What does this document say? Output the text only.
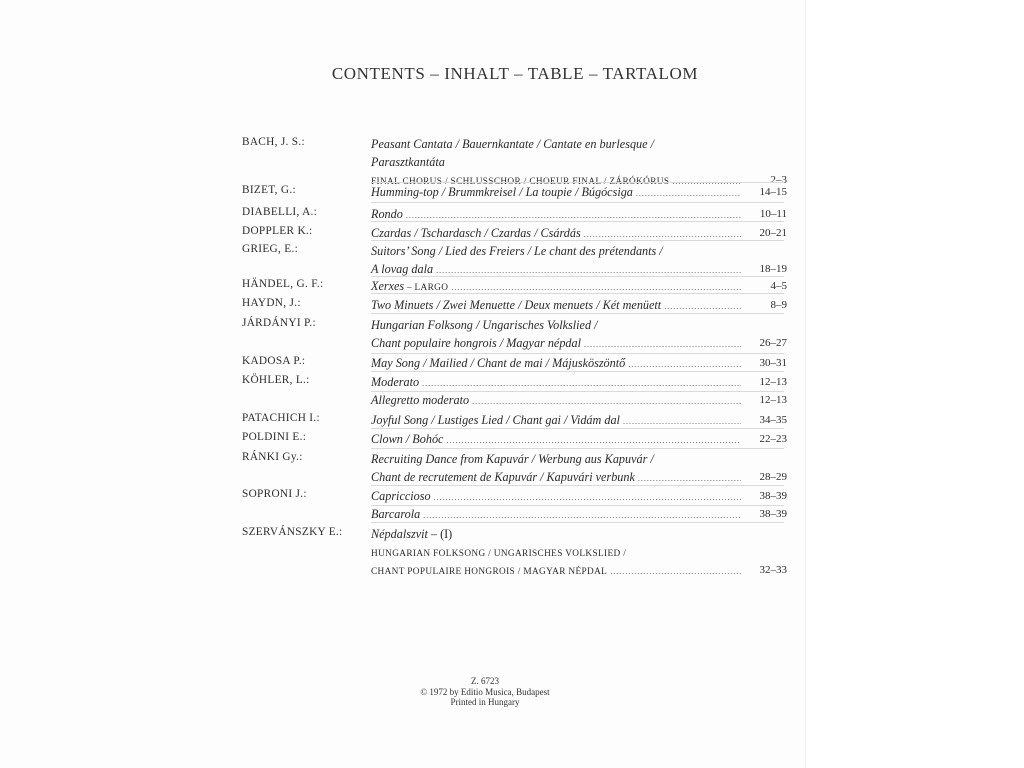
CONTENTS – INHALT – TABLE – TARTALOM
BACH, J. S.:	Peasant Cantata / Bauernkantate / Cantate en burlesque /
Parasztkantáta
FINAL CHORUS / SCHLUSSCHOR / CHOEUR FINAL / ZÁRÓKÓRUS .....	2–3
BIZET, G.:	Humming-top / Brummkreisel / La toupie / Búgócsiga .....	14–15
DIABELLI, A.:	Rondo .....	10–11
DOPPLER K.:	Czardas / Tschardasch / Czardas / Csárdás .....	20–21
GRIEG, E.:	Suitors’ Song / Lied des Freiers / Le chant des prétendants /
A lovag dala .....	18–19
HÄNDEL, G. F.:	Xerxes – LARGO .....	4–5
HAYDN, J.:	Two Minuets / Zwei Menuette / Deux menuets / Két menüett .....	8–9
JÁRDÁNYI P.:	Hungarian Folksong / Ungarisches Volkslied /
Chant populaire hongrois / Magyar népdal .....	26–27
KADOSA P.:	May Song / Mailied / Chant de mai / Májusköszöntő .....	30–31
KÖHLER, L.:	Moderato .....	12–13
Allegretto moderato .....	12–13
PATACHICH I.:	Joyful Song / Lustiges Lied / Chant gai / Vidám dal .....	34–35
POLDINI E.:	Clown / Bohóc .....	22–23
RÁNKI Gy.:	Recruiting Dance from Kapuvár / Werbung aus Kapuvár /
Chant de recrutement de Kapuvár / Kapuvári verbunk .....	28–29
SOPRONI J.:	Capriccioso .....	38–39
Barcarola .....	38–39
SZERVÁNSZKY E.: Népdalszvit – (I)
HUNGARIAN FOLKSONG / UNGARISCHES VOLKSLIED /
CHANT POPULAIRE HONGROIS / MAGYAR NÉPDAL .....	32–33
Z. 6723
© 1972 by Editio Musica, Budapest
Printed in Hungary
